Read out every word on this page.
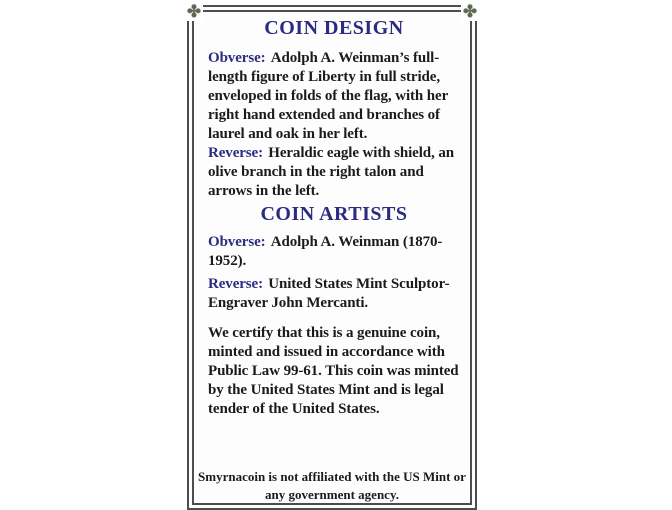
✤	✤
COIN DESIGN

Obverse: Adolph A. Weinman’s full-length figure of Liberty in full stride, enveloped in folds of the flag, with her right hand extended and branches of laurel and oak in her left.

Reverse: Heraldic eagle with shield, an olive branch in the right talon and arrows in the left.

COIN ARTISTS

Obverse: Adolph A. Weinman (1870-1952).

Reverse: United States Mint Sculptor-Engraver John Mercanti.

We certify that this is a genuine coin, minted and issued in accordance with Public Law 99-61. This coin was minted by the United States Mint and is legal tender of the United States.

Smyrnacoin is not affiliated with the US Mint or any government agency.
